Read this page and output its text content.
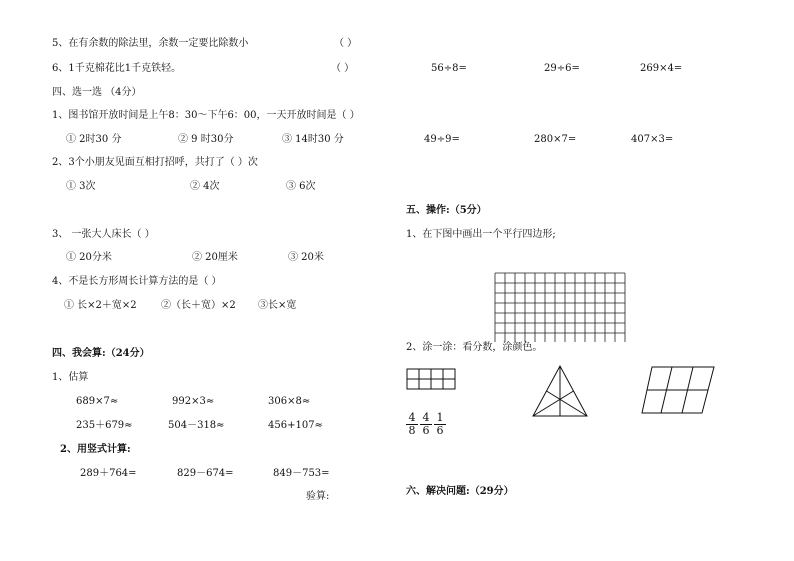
5、在有余数的除法里，余数一定要比除数小	（ ）
6、1千克棉花比1千克铁轻。	（ ）
四、选一选 （4分）
1、图书馆开放时间是上午8：30～下午6：00，一天开放时间是（ ）
① 2时30 分	② 9 时30分	③ 14时30 分
2、3个小朋友见面互相打招呼，共打了（ ）次
① 3次	② 4次	③ 6次
3、 一张大人床长（ ）
① 20分米	② 20厘米	③ 20米
4、不是长方形周长计算方法的是（ ）
① 长×2＋宽×2 ②（长＋宽）×2 ③长×宽
四、我会算:（24分）
1、估算
689×7≈	992×3≈	306×8≈
235＋679≈	504－318≈	456+107≈
2、用竖式计算:
289＋764=	829－674=	849－753=
验算:
56÷8=	29÷6=	269×4=
49÷9=	280×7=	407×3=
五、操作:（5分）
1、在下图中画出一个平行四边形;
2、涂一涂：看分数，涂颜色。
$\frac{4}{8} \frac{4}{6} \frac{1}{6}$
六、解决问题:（29分）
